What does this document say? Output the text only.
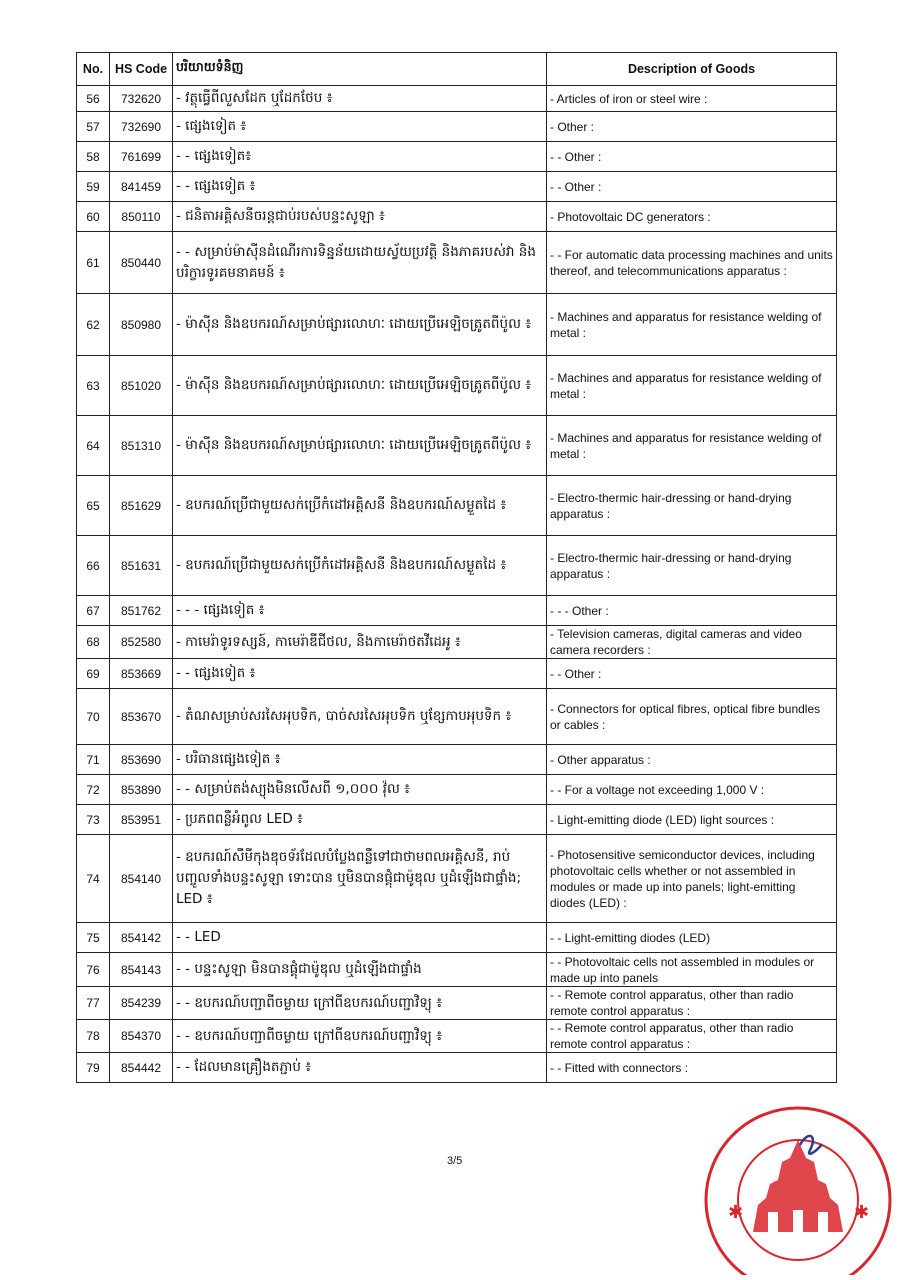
No.	HS Code	បរិយាយទំនិញ	Description of Goods
56	732620	- វត្ថុធ្វើពីលួសដែក ឬដែកថែប ៖	- Articles of iron or steel wire :
57	732690	- ផ្សេងទៀត ៖	- Other :
58	761699	- - ផ្សេងទៀត៖	- - Other :
59	841459	- - ផ្សេងទៀត ៖	- - Other :
60	850110	- ជនិតាអគ្គិសនីចរន្តជាប់របស់បន្ទះសូឡា ៖	- Photovoltaic DC generators :
61	850440	- - សម្រាប់ម៉ាស៊ីនដំណើរការទិន្នន័យដោយស្វ័យប្រវត្តិ និងភាគរបស់វា និងបរិក្ខារទូរគមនាគមន៍ ៖	- - For automatic data processing machines and units thereof, and telecommunications apparatus :
62	850980	- ម៉ាស៊ីន និងឧបករណ៍សម្រាប់ផ្សារលោហៈ ដោយប្រើអេឡិចត្រូតពីប៉ូល ៖	- Machines and apparatus for resistance welding of metal :
63	851020	- ម៉ាស៊ីន និងឧបករណ៍សម្រាប់ផ្សារលោហៈ ដោយប្រើអេឡិចត្រូតពីប៉ូល ៖	- Machines and apparatus for resistance welding of metal :
64	851310	- ម៉ាស៊ីន និងឧបករណ៍សម្រាប់ផ្សារលោហៈ ដោយប្រើអេឡិចត្រូតពីប៉ូល ៖	- Machines and apparatus for resistance welding of metal :
65	851629	- ឧបករណ៍ប្រើជាមួយសក់ប្រើកំដៅអគ្គិសនី និងឧបករណ៍សម្ងួតដៃ ៖	- Electro-thermic hair-dressing or hand-drying apparatus :
66	851631	- ឧបករណ៍ប្រើជាមួយសក់ប្រើកំដៅអគ្គិសនី និងឧបករណ៍សម្ងួតដៃ ៖	- Electro-thermic hair-dressing or hand-drying apparatus :
67	851762	- - - ផ្សេងទៀត ៖	- - - Other :
68	852580	- កាមេរ៉ាទូរទស្សន៍, កាមេរ៉ាឌីជីថល, និងកាមេរ៉ាថតវីដេអូ ៖	- Television cameras, digital cameras and video camera recorders :
69	853669	- - ផ្សេងទៀត ៖	- - Other :
70	853670	- តំណសម្រាប់សរសៃអុបទិក, បាច់សរសៃអុបទិក ឬខ្សែកាបអុបទិក ៖	- Connectors for optical fibres, optical fibre bundles or cables :
71	853690	- បរិធានផ្សេងទៀត ៖	- Other apparatus :
72	853890	- - សម្រាប់តង់ស្យុងមិនលើសពី ១,០០០ វ៉ុល ៖	- - For a voltage not exceeding 1,000 V :
73	853951	- ប្រភពពន្លឺអំពូល LED ៖	- Light-emitting diode (LED) light sources :
74	854140	- ឧបករណ៍សឺមីកុងឌុចទ័រដែលបំប្លែងពន្លឺទៅជាថាមពលអគ្គិសនី, រាប់បញ្ចូលទាំងបន្ទះសូឡា ទោះបាន ឬមិនបានផ្គុំជាម៉ូឌុល ឬដំឡើងជាផ្ទាំង; LED ៖	- Photosensitive semiconductor devices, including photovoltaic cells whether or not assembled in modules or made up into panels; light-emitting diodes (LED) :
75	854142	- - LED	- - Light-emitting diodes (LED)
76	854143	- - បន្ទះសូឡា មិនបានផ្គុំជាម៉ូឌុល ឬដំឡើងជាផ្ទាំង	- - Photovoltaic cells not assembled in modules or made up into panels
77	854239	- - ឧបករណ៍បញ្ជាពីចម្ងាយ ក្រៅពីឧបករណ៍បញ្ជាវិទ្យុ ៖	- - Remote control apparatus, other than radio remote control apparatus :
78	854370	- - ឧបករណ៍បញ្ជាពីចម្ងាយ ក្រៅពីឧបករណ៍បញ្ជាវិទ្យុ ៖	- - Remote control apparatus, other than radio remote control apparatus :
79	854442	- - ដែលមានគ្រឿងតភ្ជាប់ ៖	- - Fitted with connectors :
3/5
✱	✱
